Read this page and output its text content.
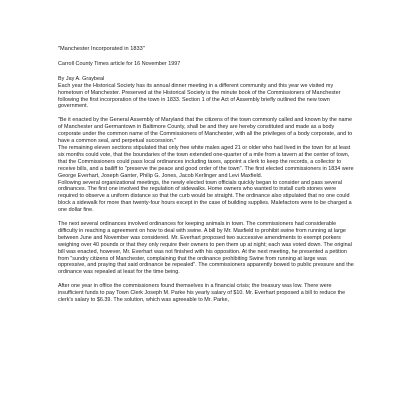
"Manchester Incorporated in 1833"
Carroll County Times article for 16 November 1997
By Jay A. Graybeal

Each year the Historical Society has its annual dinner meeting in a different community and this year we visited my hometown of Manchester. Preserved at the Historical Society is the minute book of the Commissioners of Manchester following the first incorporation of the town in 1833. Section 1 of the Act of Assembly briefly outlined the new town government.

"Be it enacted by the General Assembly of Maryland that the citizens of the town commonly called and known by the name of Manchester and Germantown in Baltimore County, shall be and they are hereby constituted and made as a body corporate under the common name of the Commissioners of Manchester, with all the privileges of a body corporate, and to have a common seal, and perpetual succession."

The remaining eleven sections stipulated that only free white males aged 21 or older who had lived in the town for at least six months could vote, that the boundaries of the town extended one-quarter of a mile from a tavern at the center of town, that the Commissioners could pass local ordinances including taxes, appoint a clerk to keep the records, a collector to receive bills, and a bailiff to "preserve the peace and good order of the town". The first elected commissioners in 1834 were George Everhart, Joseph Ganter, Philip G. Jones, Jacob Kerlinger and Levi Maxfield.

Following several organizational meetings, the newly elected town officials quickly began to consider and pass several ordinances. The first one involved the regulation of sidewalks. Home owners who wanted to install curb stones were required to observe a uniform distance so that the curb would be straight. The ordinance also stipulated that no one could block a sidewalk for more than twenty-four hours except in the case of building supplies. Malefactors were to be charged a one dollar fine.

The next several ordinances involved ordinances for keeping animals in town. The commissioners had considerable difficulty in reaching a agreement on how to deal with swine. A bill by Mr. Maxfield to prohibit swine from running at large between June and November was considered. Mr. Everhart proposed two successive amendments to exempt porkers weighing over 40 pounds or that they only require their owners to pen them up at night; each was voted down. The original bill was enacted, however, Mr. Everhart was not finished with his opposition. At the next meeting, he presented a petition from "sundry citizens of Manchester, complaining that the ordinance prohibiting Swine from running at large was oppressive, and praying that said ordinance be repealed". The commissioners apparently bowed to public pressure and the ordinance was repealed at least for the time being.

After one year in office the commissioners found themselves in a financial crisis; the treasury was low. There were insufficient funds to pay Town Clerk Joseph M. Parke his yearly salary of $10. Mr. Everhart proposed a bill to reduce the clerk's salary to $6.39. The solution, which was agreeable to Mr. Parke,
